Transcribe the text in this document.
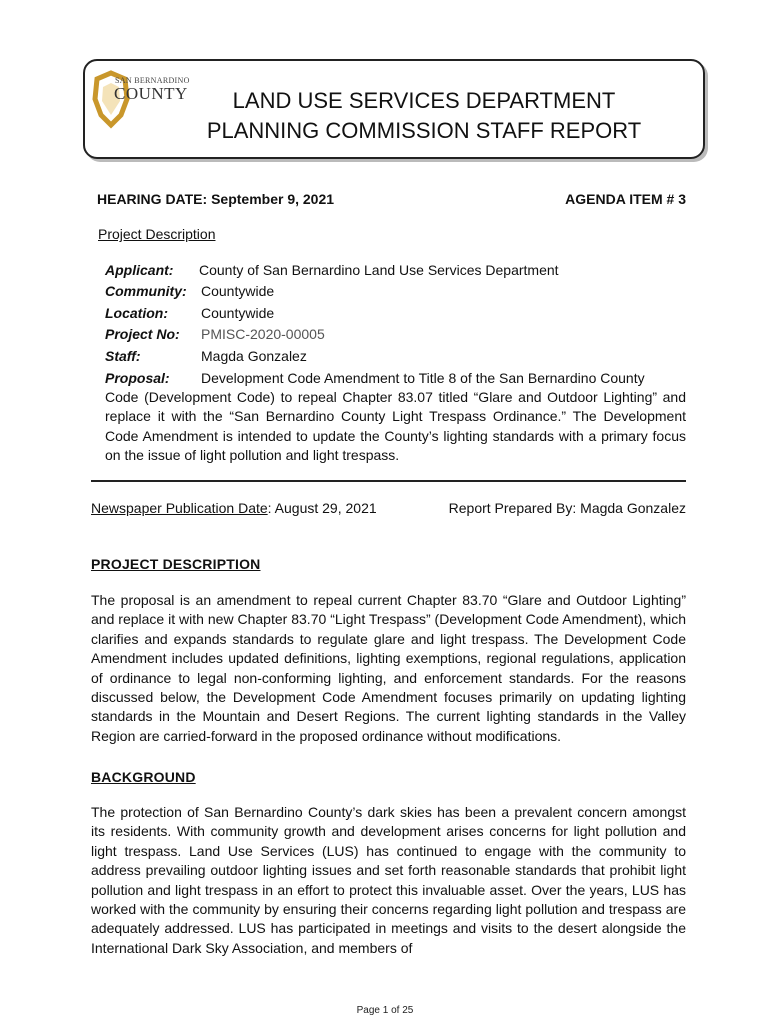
SAN BERNARDINO
COUNTY	LAND USE SERVICES DEPARTMENT
PLANNING COMMISSION STAFF REPORT
HEARING DATE: September 9, 2021	AGENDA ITEM # 3
Project Description
Applicant: County of San Bernardino Land Use Services Department
Community: Countywide
Location: Countywide
Project No: PMISC-2020-00005
Staff:	Magda Gonzalez
Proposal: Development Code Amendment to Title 8 of the San Bernardino County

Code (Development Code) to repeal Chapter 83.07 titled “Glare and Outdoor Lighting” and replace it with the “San Bernardino County Light Trespass Ordinance.” The Development Code Amendment is intended to update the County’s lighting standards with a primary focus on the issue of light pollution and light trespass.

Newspaper Publication Date: August 29, 2021	Report Prepared By: Magda Gonzalez
PROJECT DESCRIPTION

The proposal is an amendment to repeal current Chapter 83.70 “Glare and Outdoor Lighting” and replace it with new Chapter 83.70 “Light Trespass” (Development Code Amendment), which clarifies and expands standards to regulate glare and light trespass. The Development Code Amendment includes updated definitions, lighting exemptions, regional regulations, application of ordinance to legal non-conforming lighting, and enforcement standards. For the reasons discussed below, the Development Code Amendment focuses primarily on updating lighting standards in the Mountain and Desert Regions. The current lighting standards in the Valley Region are carried-forward in the proposed ordinance without modifications.

BACKGROUND

The protection of San Bernardino County’s dark skies has been a prevalent concern amongst its residents. With community growth and development arises concerns for light pollution and light trespass. Land Use Services (LUS) has continued to engage with the community to address prevailing outdoor lighting issues and set forth reasonable standards that prohibit light pollution and light trespass in an effort to protect this invaluable asset. Over the years, LUS has worked with the community by ensuring their concerns regarding light pollution and trespass are adequately addressed. LUS has participated in meetings and visits to the desert alongside the International Dark Sky Association, and members of

Page 1 of 25
